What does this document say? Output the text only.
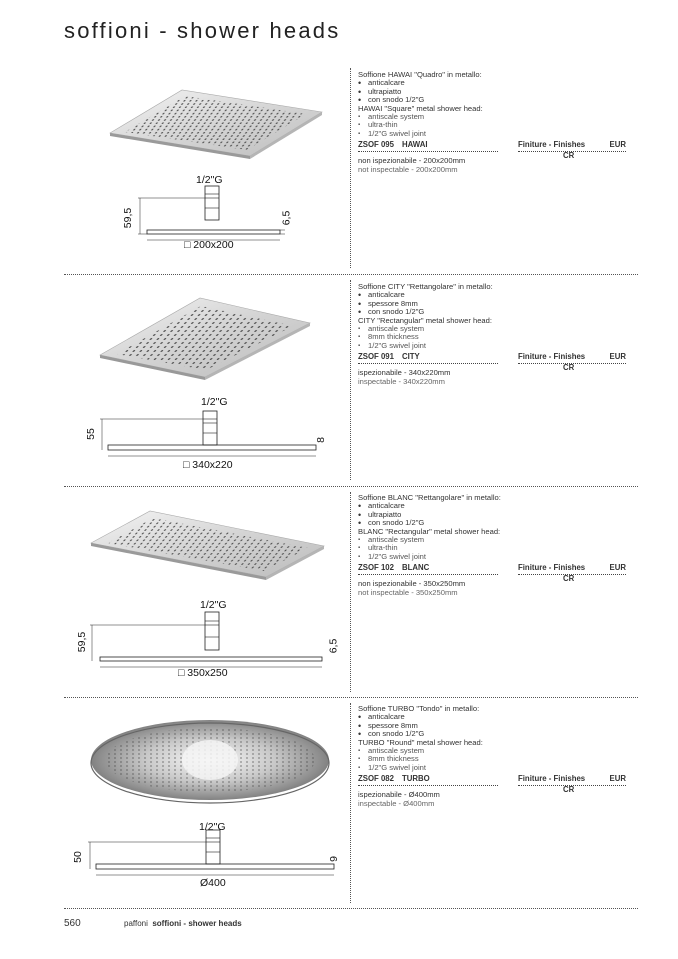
soffioni - shower heads
1/2"G
59,5	6,5
□ 200x200
Soffione HAWAI "Quadro" in metallo:
• anticalcare
• ultrapiatto
• con snodo 1/2"G
HAWAI "Square" metal shower head:
▪ antiscale system
▪ ultra-thin
▪ 1/2"G swivel joint
ZSOF 095 HAWAI	Finiture - Finishes	EUR
CR
non ispezionabile - 200x200mm
not inspectable - 200x200mm
1/2"G
55
8
□ 340x220
Soffione CITY "Rettangolare" in metallo:
• anticalcare
• spessore 8mm
• con snodo 1/2"G
CITY "Rectangular" metal shower head:
▪ antiscale system
▪ 8mm thickness
▪ 1/2"G swivel joint
ZSOF 091 CITY	Finiture - Finishes	EUR
CR
ispezionabile - 340x220mm
inspectable - 340x220mm
1/2"G
59,5	6,5
□ 350x250
Soffione BLANC "Rettangolare" in metallo:
• anticalcare
• ultrapiatto
• con snodo 1/2"G
BLANC "Rectangular" metal shower head:
▪ antiscale system
▪ ultra-thin
▪ 1/2"G swivel joint
ZSOF 102 BLANC	Finiture - Finishes	EUR
CR
non ispezionabile - 350x250mm
not inspectable - 350x250mm
1/2"G
50	9
Ø400
Soffione TURBO "Tondo" in metallo:
• anticalcare
• spessore 8mm
• con snodo 1/2"G
TURBO "Round" metal shower head:
▪ antiscale system
▪ 8mm thickness
▪ 1/2"G swivel joint
ZSOF 082 TURBO	Finiture - Finishes	EUR
CR
ispezionabile - Ø400mm
inspectable - Ø400mm
560	paffoni soffioni - shower heads
